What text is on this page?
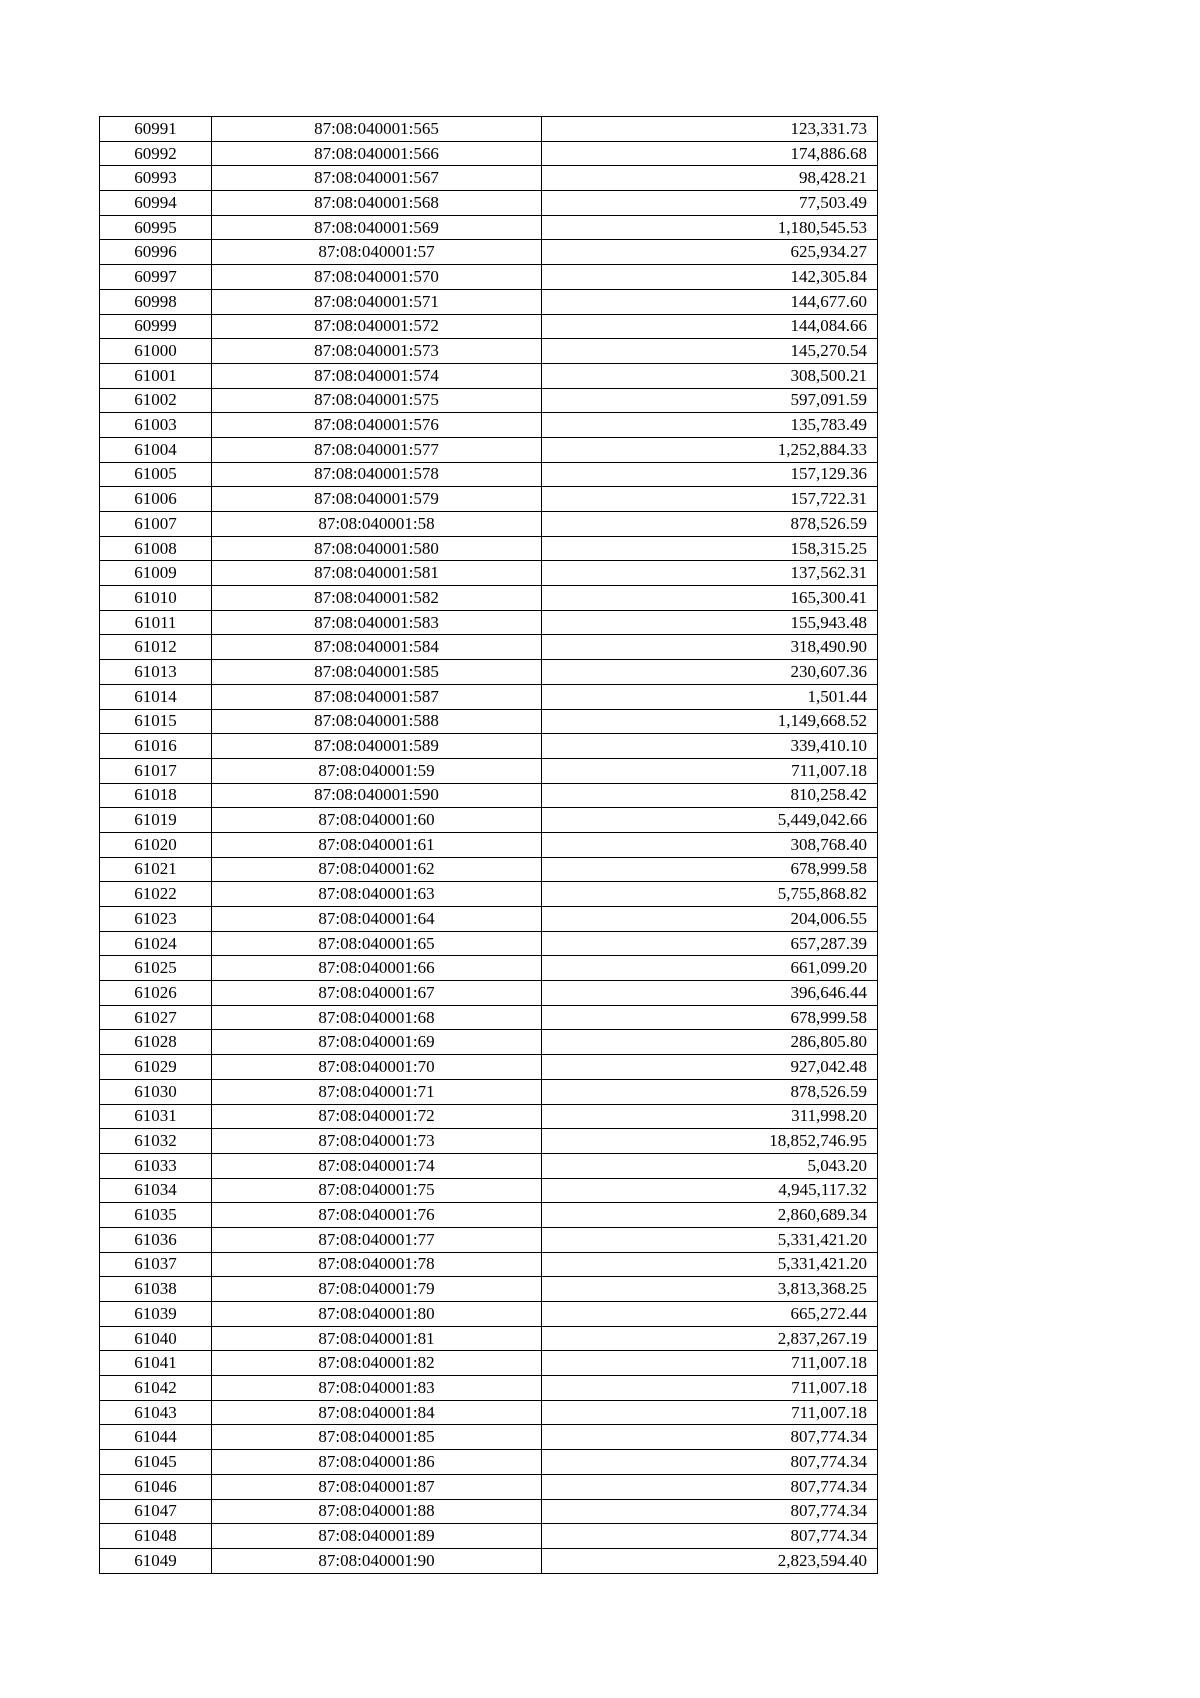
60991	87:08:040001:565	123,331.73
60992	87:08:040001:566	174,886.68
60993	87:08:040001:567	98,428.21
60994	87:08:040001:568	77,503.49
60995	87:08:040001:569	1,180,545.53
60996	87:08:040001:57	625,934.27
60997	87:08:040001:570	142,305.84
60998	87:08:040001:571	144,677.60
60999	87:08:040001:572	144,084.66
61000	87:08:040001:573	145,270.54
61001	87:08:040001:574	308,500.21
61002	87:08:040001:575	597,091.59
61003	87:08:040001:576	135,783.49
61004	87:08:040001:577	1,252,884.33
61005	87:08:040001:578	157,129.36
61006	87:08:040001:579	157,722.31
61007	87:08:040001:58	878,526.59
61008	87:08:040001:580	158,315.25
61009	87:08:040001:581	137,562.31
61010	87:08:040001:582	165,300.41
61011	87:08:040001:583	155,943.48
61012	87:08:040001:584	318,490.90
61013	87:08:040001:585	230,607.36
61014	87:08:040001:587	1,501.44
61015	87:08:040001:588	1,149,668.52
61016	87:08:040001:589	339,410.10
61017	87:08:040001:59	711,007.18
61018	87:08:040001:590	810,258.42
61019	87:08:040001:60	5,449,042.66
61020	87:08:040001:61	308,768.40
61021	87:08:040001:62	678,999.58
61022	87:08:040001:63	5,755,868.82
61023	87:08:040001:64	204,006.55
61024	87:08:040001:65	657,287.39
61025	87:08:040001:66	661,099.20
61026	87:08:040001:67	396,646.44
61027	87:08:040001:68	678,999.58
61028	87:08:040001:69	286,805.80
61029	87:08:040001:70	927,042.48
61030	87:08:040001:71	878,526.59
61031	87:08:040001:72	311,998.20
61032	87:08:040001:73	18,852,746.95
61033	87:08:040001:74	5,043.20
61034	87:08:040001:75	4,945,117.32
61035	87:08:040001:76	2,860,689.34
61036	87:08:040001:77	5,331,421.20
61037	87:08:040001:78	5,331,421.20
61038	87:08:040001:79	3,813,368.25
61039	87:08:040001:80	665,272.44
61040	87:08:040001:81	2,837,267.19
61041	87:08:040001:82	711,007.18
61042	87:08:040001:83	711,007.18
61043	87:08:040001:84	711,007.18
61044	87:08:040001:85	807,774.34
61045	87:08:040001:86	807,774.34
61046	87:08:040001:87	807,774.34
61047	87:08:040001:88	807,774.34
61048	87:08:040001:89	807,774.34
61049	87:08:040001:90	2,823,594.40
